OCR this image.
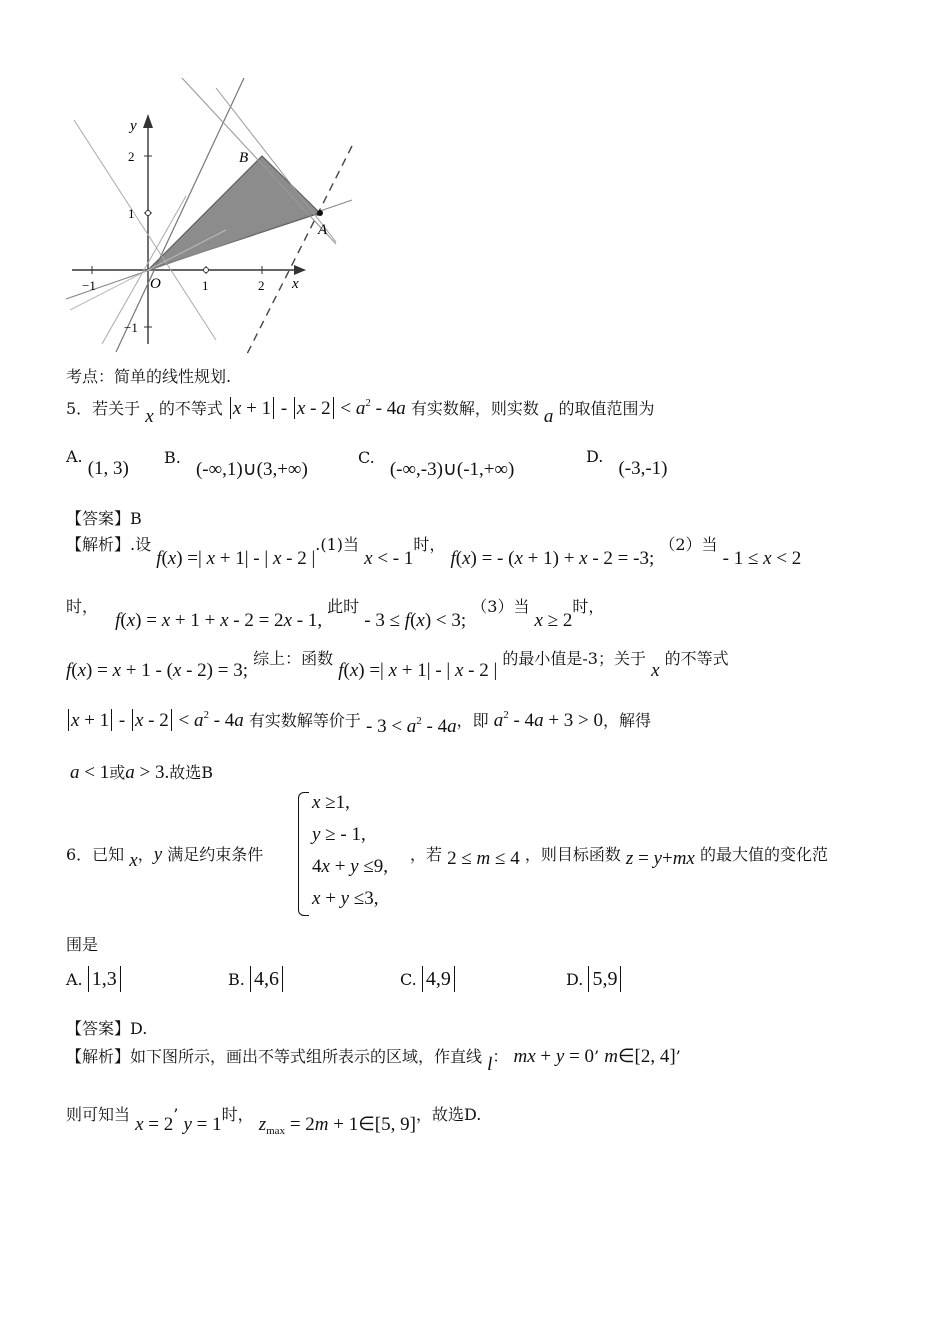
y
x
O
B
A
−1	1	2
1
2
−1
考点：简单的线性规划.
5．若关于 x 的不等式 $x + 1 - x - 2 < a^2 - 4a$ 有实数解，则实数 a 的取值范围为
A. (1, 3)
B. (-∞,1)∪(3,+∞)
C. (-∞,-3)∪(-1,+∞)
D. (-3,-1)
【答案】B
【解析】.设 f(x) =| x + 1| - | x - 2 |.(1)当 x < - 1时， f(x) = - (x + 1) + x - 2 = -3; （2）当 - 1 ≤ x < 2
时， f(x) = x + 1 + x - 2 = 2x - 1, 此时 - 3 ≤ f(x) < 3; （3）当 x ≥ 2时，
f(x) = x + 1 - (x - 2) = 3; 综上：函数 f(x) =| x + 1| - | x - 2 | 的最小值是-3；关于 x 的不等式
$x + 1 - x - 2 < a^2 - 4a$ 有实数解等价于 - $3 < a^2 - 4a$，即 $a^2 - 4a + 3 > 0$，解得
a < 1或a > 3.故选B
6．已知 x，y 满足约束条件
x ≥1,
y ≥ - 1,
4x + y ≤9,
x + y ≤3,
，若 2 ≤ m ≤ 4 ，则目标函数 z = y+mx 的最大值的变化范
围是
A. 1,3	B. 4,6	C. 4,9	D. 5,9
【答案】D.
【解析】如下图所示，画出不等式组所表示的区域，作直线 l： mx + y = 0’ m∈[2, 4]’
则可知当 x = 2’ y = 1时， $z_{max} = 2m$ + 1∈[5, 9]，故选D.
